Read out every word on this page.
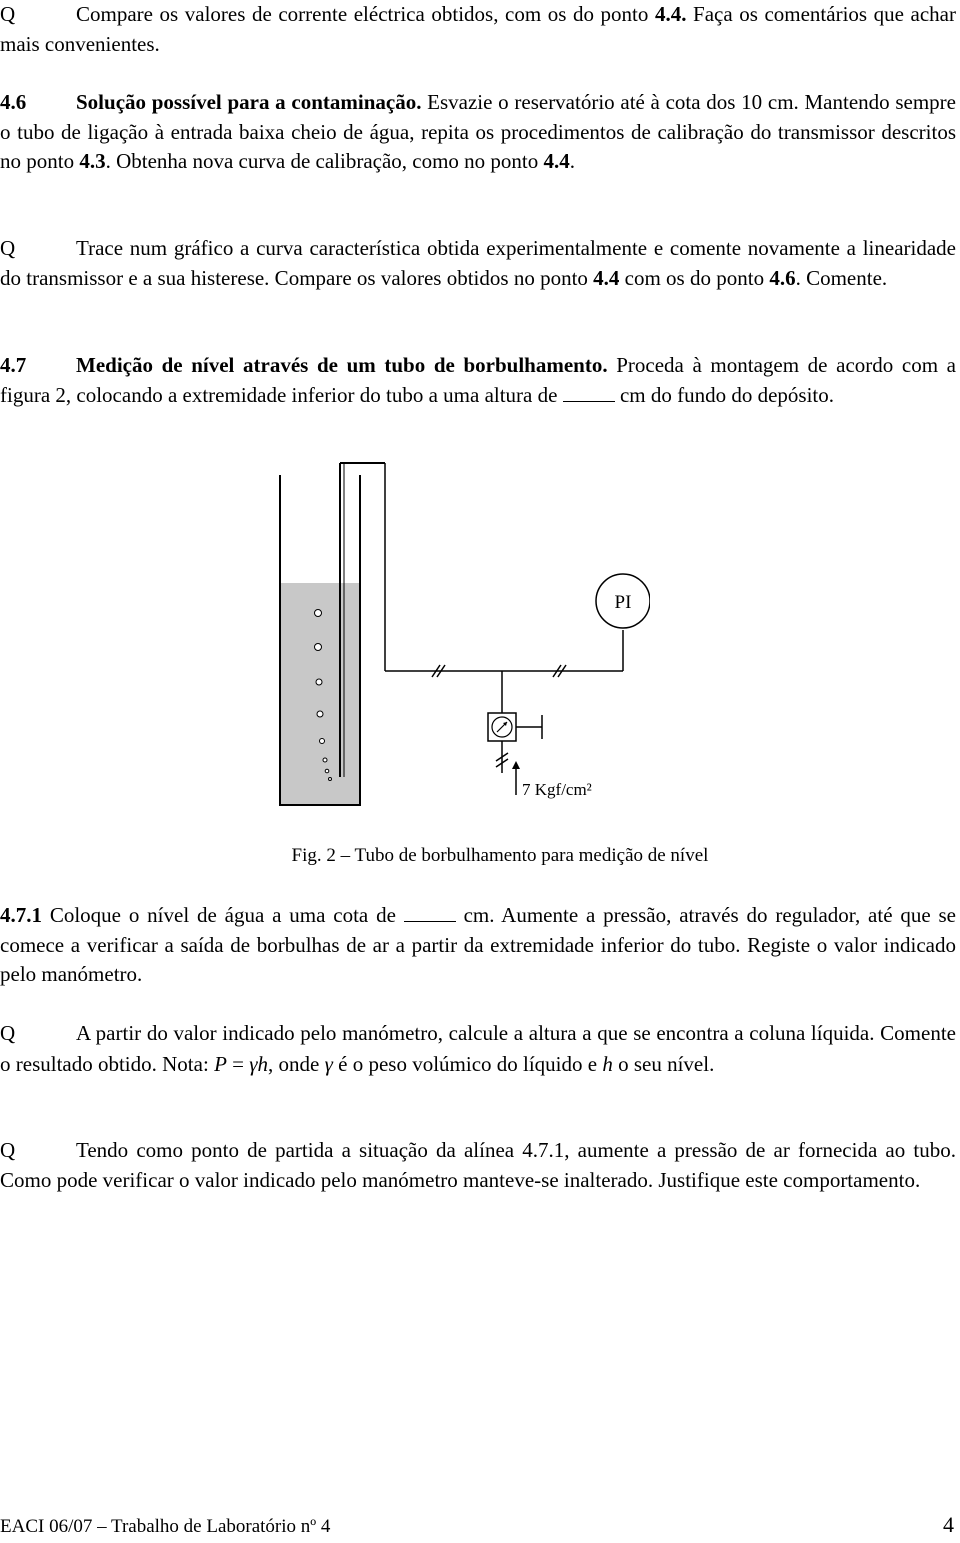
Q	Compare os valores de corrente eléctrica obtidos, com os do ponto 4.4. Faça os comentários que achar mais convenientes.

4.6 Solução possível para a contaminação. Esvazie o reservatório até à cota dos 10 cm. Mantendo sempre o tubo de ligação à entrada baixa cheio de água, repita os procedimentos de calibração do transmissor descritos no ponto 4.3. Obtenha nova curva de calibração, como no ponto 4.4.

Q	Trace num gráfico a curva característica obtida experimentalmente e comente novamente a linearidade do transmissor e a sua histerese. Compare os valores obtidos no ponto 4.4 com os do ponto 4.6. Comente.

4.7 Medição de nível através de um tubo de borbulhamento. Proceda à montagem de acordo com a figura 2, colocando a extremidade inferior do tubo a uma altura de  cm do fundo do depósito.

7 Kgf/cm²
PI
Fig. 2 – Tubo de borbulhamento para medição de nível

4.7.1 Coloque o nível de água a uma cota de  cm. Aumente a pressão, através do regulador, até que se comece a verificar a saída de borbulhas de ar a partir da extremidade inferior do tubo. Registe o valor indicado pelo manómetro.

Q	A partir do valor indicado pelo manómetro, calcule a altura a que se encontra a coluna líquida. Comente o resultado obtido. Nota: P = γh, onde γ é o peso volúmico do líquido e h o seu nível.

Q	Tendo como ponto de partida a situação da alínea 4.7.1, aumente a pressão de ar fornecida ao tubo. Como pode verificar o valor indicado pelo manómetro manteve-se inalterado. Justifique este comportamento.

EACI 06/07 – Trabalho de Laboratório nº 4	4
